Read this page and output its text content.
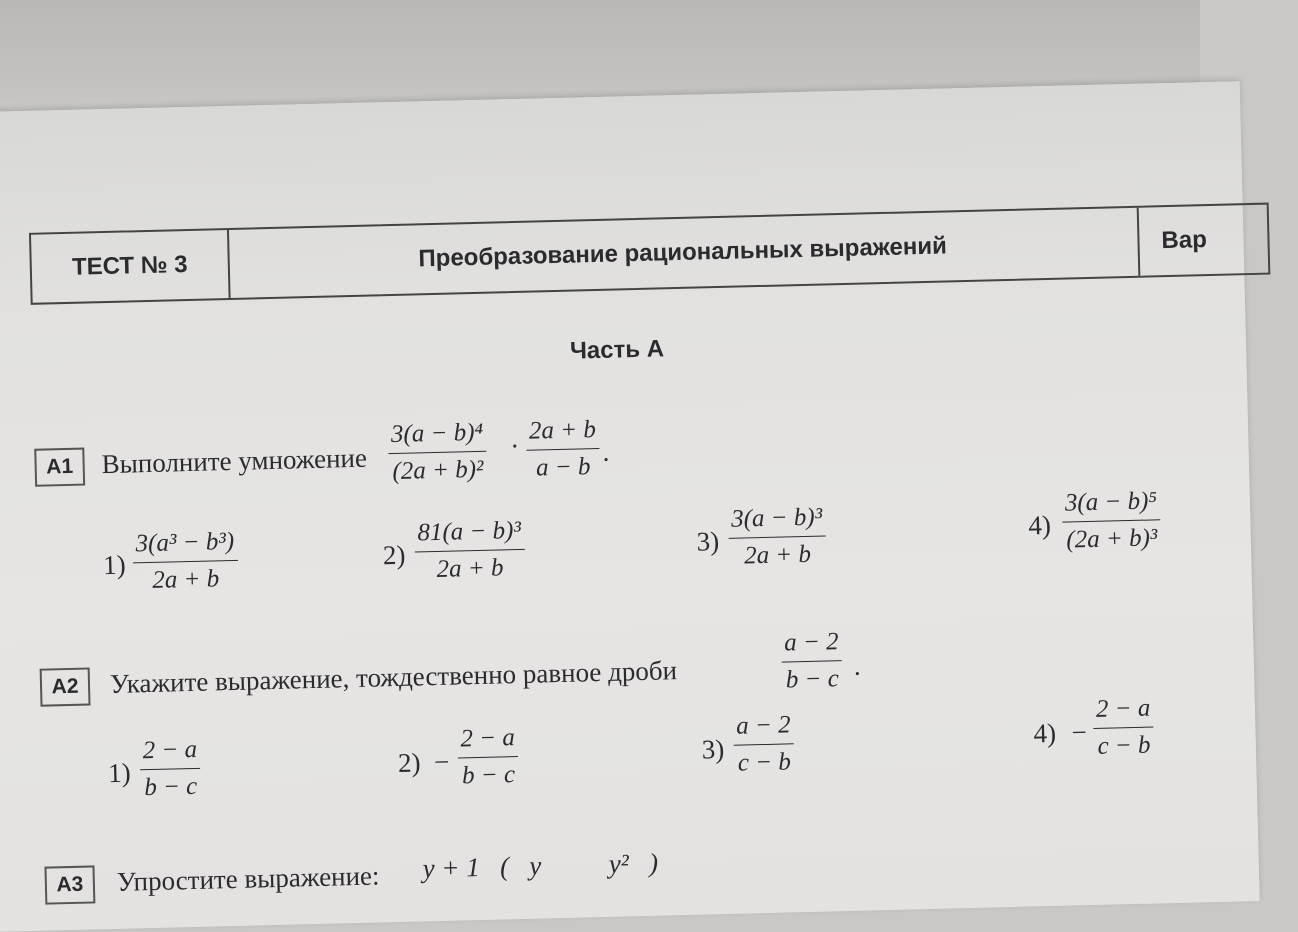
ТЕСТ № 3	Преобразование рациональных выражений	Вар
Часть А
А1	Выполните умножение
3(a − b)⁴
(2a + b)²
·
2a + b
a − b
.
1)
3(a³ − b³)
2a + b
2)
81(a − b)³
2a + b
3)
3(a − b)³
2a + b
4)
3(a − b)⁵
(2a + b)³
А2	Укажите выражение, тождественно равное дроби
a − 2
b − c .
1)
2 − a
b − c
2) −
2 − a
b − c
3)
a − 2
c − b
4) −
2 − a
c − b
А3	Упростите выражение: y + 1   (   y          y²   )
